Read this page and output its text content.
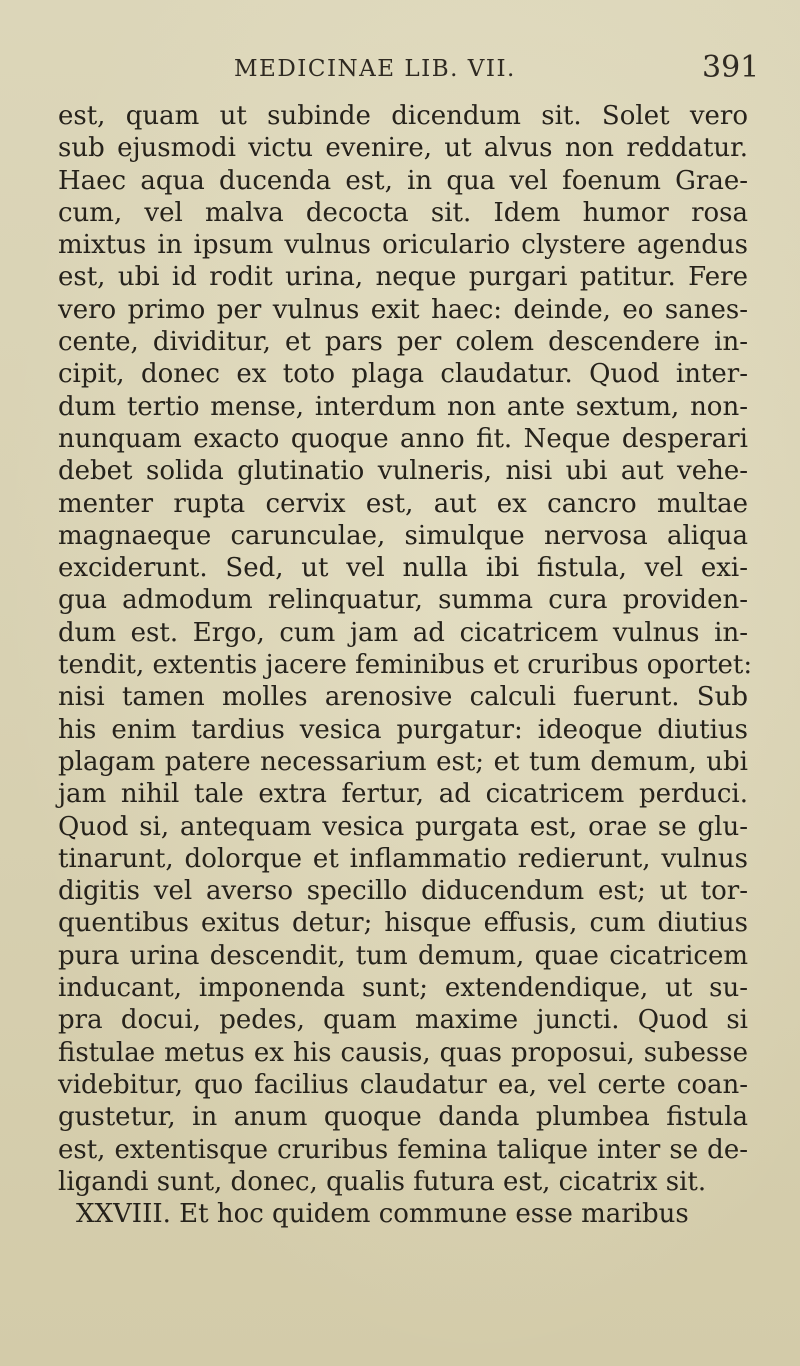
MEDICINAE LIB. VII.	391
est, quam ut subinde dicendum sit. Solet vero
sub ejusmodi victu evenire, ut alvus non reddatur.
Haec aqua ducenda est, in qua vel foenum Grae-
cum, vel malva decocta sit. Idem humor rosa
mixtus in ipsum vulnus oriculario clystere agendus
est, ubi id rodit urina, neque purgari patitur. Fere
vero primo per vulnus exit haec: deinde, eo sanes-
cente, dividitur, et pars per colem descendere in-
cipit, donec ex toto plaga claudatur. Quod inter-
dum tertio mense, interdum non ante sextum, non-
nunquam exacto quoque anno fit. Neque desperari
debet solida glutinatio vulneris, nisi ubi aut vehe-
menter rupta cervix est, aut ex cancro multae
magnaeque carunculae, simulque nervosa aliqua
exciderunt. Sed, ut vel nulla ibi fistula, vel exi-
gua admodum relinquatur, summa cura providen-
dum est. Ergo, cum jam ad cicatricem vulnus in-
tendit, extentis jacere feminibus et cruribus oportet:
nisi tamen molles arenosive calculi fuerunt. Sub
his enim tardius vesica purgatur: ideoque diutius
plagam patere necessarium est; et tum demum, ubi
jam nihil tale extra fertur, ad cicatricem perduci.
Quod si, antequam vesica purgata est, orae se glu-
tinarunt, dolorque et inflammatio redierunt, vulnus
digitis vel averso specillo diducendum est; ut tor-
quentibus exitus detur; hisque effusis, cum diutius
pura urina descendit, tum demum, quae cicatricem
inducant, imponenda sunt; extendendique, ut su-
pra docui, pedes, quam maxime juncti. Quod si
fistulae metus ex his causis, quas proposui, subesse
videbitur, quo facilius claudatur ea, vel certe coan-
gustetur, in anum quoque danda plumbea fistula
est, extentisque cruribus femina talique inter se de-
ligandi sunt, donec, qualis futura est, cicatrix sit.
XXVIII. Et hoc quidem commune esse maribus
